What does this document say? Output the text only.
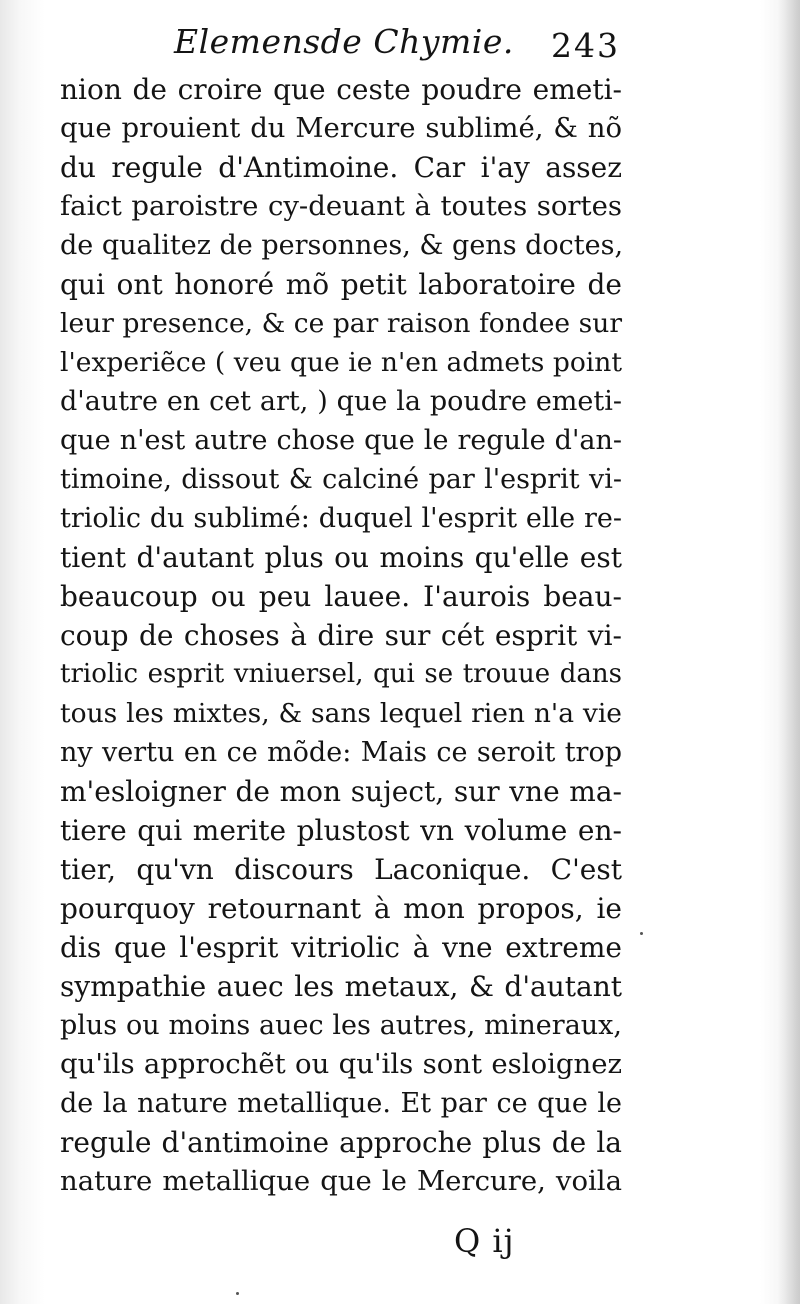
Elemensde Chymie. 243
nion de croire que ceste poudre emeti-
que prouient du Mercure sublimé, & nõ
du regule d'Antimoine. Car i'ay assez
faict paroistre cy-deuant à toutes sortes
de qualitez de personnes, & gens doctes,
qui ont honoré mõ petit laboratoire de
leur presence, & ce par raison fondee sur
l'experiẽce ( veu que ie n'en admets point
d'autre en cet art, ) que la poudre emeti-
que n'est autre chose que le regule d'an-
timoine, dissout & calciné par l'esprit vi-
triolic du sublimé: duquel l'esprit elle re-
tient d'autant plus ou moins qu'elle est
beaucoup ou peu lauee. I'aurois beau-
coup de choses à dire sur cét esprit vi-
triolic esprit vniuersel, qui se trouue dans
tous les mixtes, & sans lequel rien n'a vie
ny vertu en ce mõde: Mais ce seroit trop
m'esloigner de mon suject, sur vne ma-
tiere qui merite plustost vn volume en-
tier, qu'vn discours Laconique. C'est
pourquoy retournant à mon propos, ie
dis que l'esprit vitriolic à vne extreme
sympathie auec les metaux, & d'autant
plus ou moins auec les autres, mineraux,
qu'ils approchẽt ou qu'ils sont esloignez
de la nature metallique. Et par ce que le
regule d'antimoine approche plus de la
nature metallique que le Mercure, voila
Q ij
